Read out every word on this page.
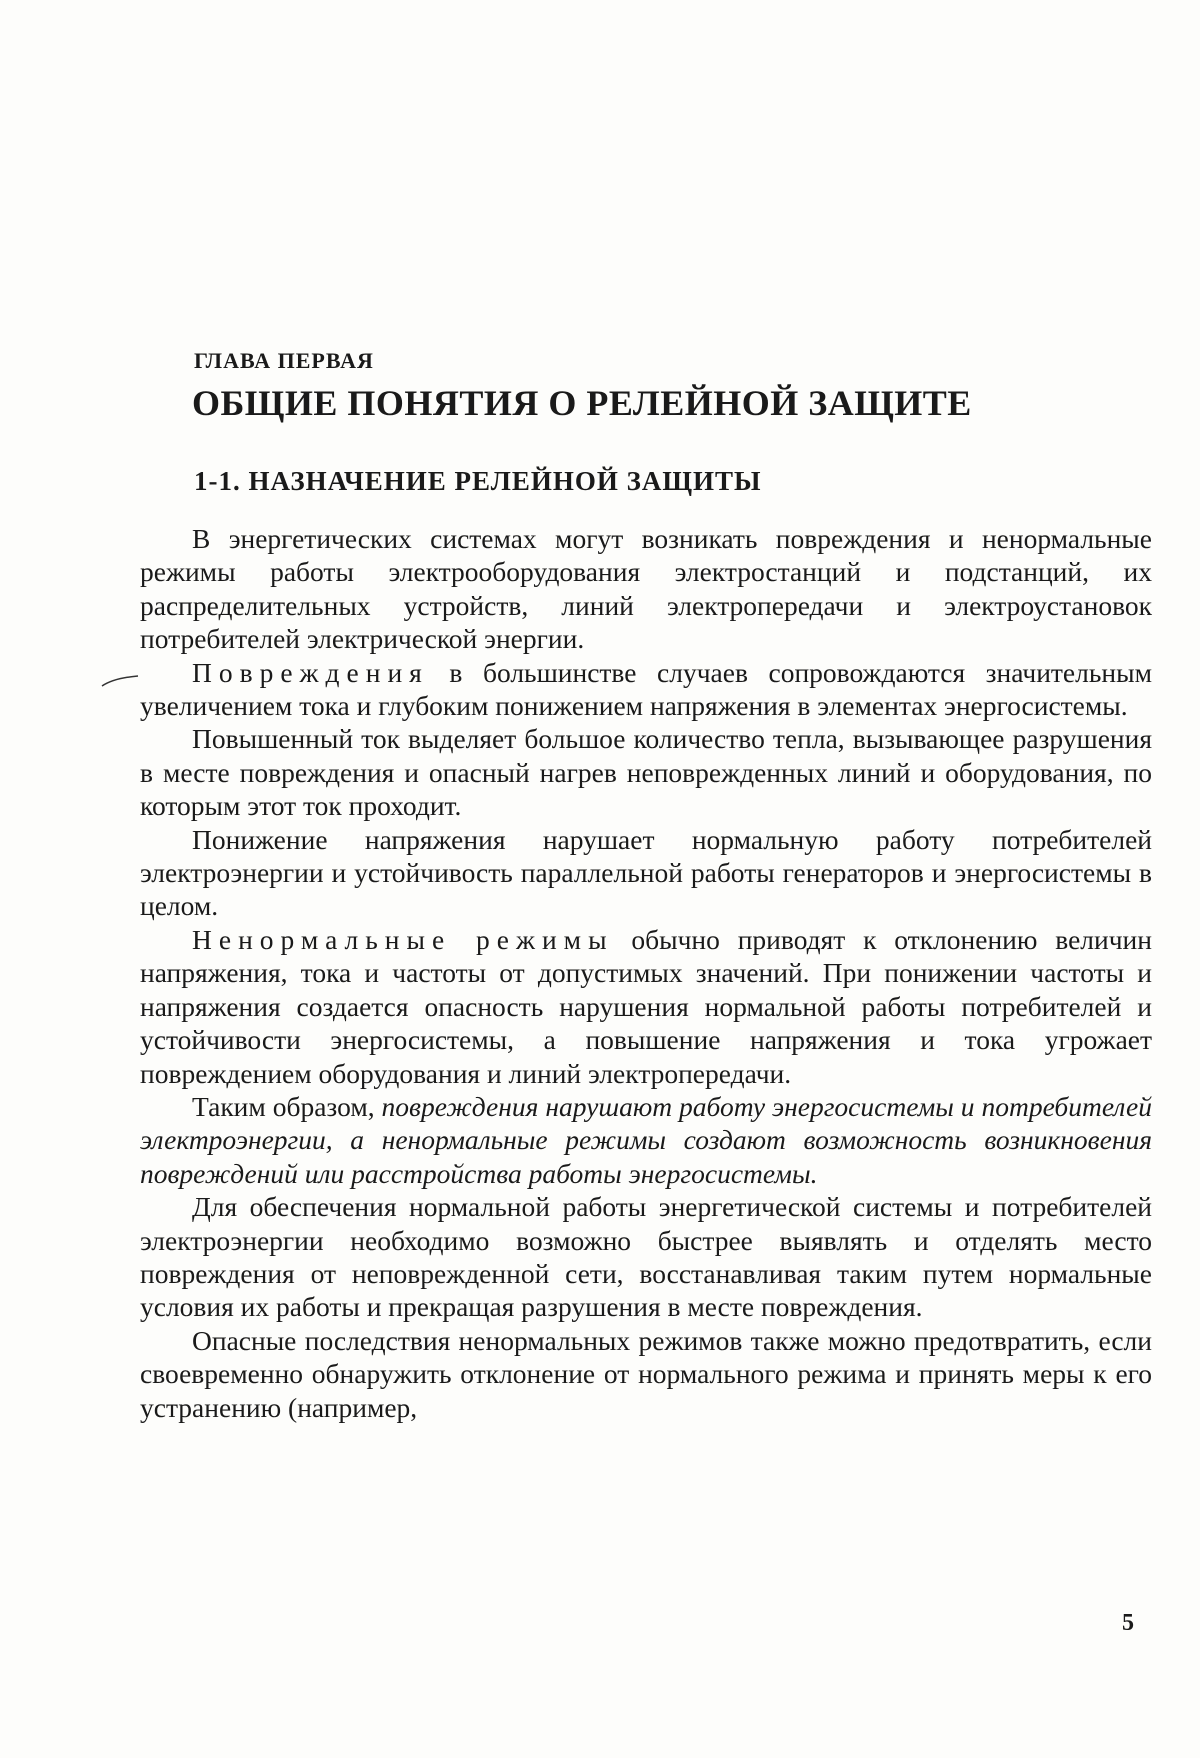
ГЛАВА ПЕРВАЯ
ОБЩИЕ ПОНЯТИЯ О РЕЛЕЙНОЙ ЗАЩИТЕ
1-1. НАЗНАЧЕНИЕ РЕЛЕЙНОЙ ЗАЩИТЫ

В энергетических системах могут возникать повреждения и ненормальные режимы работы электрооборудования электростанций и подстанций, их распределительных устройств, линий электропередачи и электроустановок потребителей электрической энергии.

Повреждения в большинстве случаев сопровождаются значительным увеличением тока и глубоким понижением напряжения в элементах энергосистемы.

Повышенный ток выделяет большое количество тепла, вызывающее разрушения в месте повреждения и опасный нагрев неповрежденных линий и оборудования, по которым этот ток проходит.

Понижение напряжения нарушает нормальную работу потребителей электроэнергии и устойчивость параллельной работы генераторов и энергосистемы в целом.

Ненормальные режимы обычно приводят к отклонению величин напряжения, тока и частоты от допустимых значений. При понижении частоты и напряжения создается опасность нарушения нормальной работы потребителей и устойчивости энергосистемы, а повышение напряжения и тока угрожает повреждением оборудования и линий электропередачи.

Таким образом, повреждения нарушают работу энергосистемы и потребителей электроэнергии, а ненормальные режимы создают возможность возникновения повреждений или расстройства работы энергосистемы.

Для обеспечения нормальной работы энергетической системы и потребителей электроэнергии необходимо возможно быстрее выявлять и отделять место повреждения от неповрежденной сети, восстанавливая таким путем нормальные условия их работы и прекращая разрушения в месте повреждения.

Опасные последствия ненормальных режимов также можно предотвратить, если своевременно обнаружить отклонение от нормального режима и принять меры к его устранению (например,

5
